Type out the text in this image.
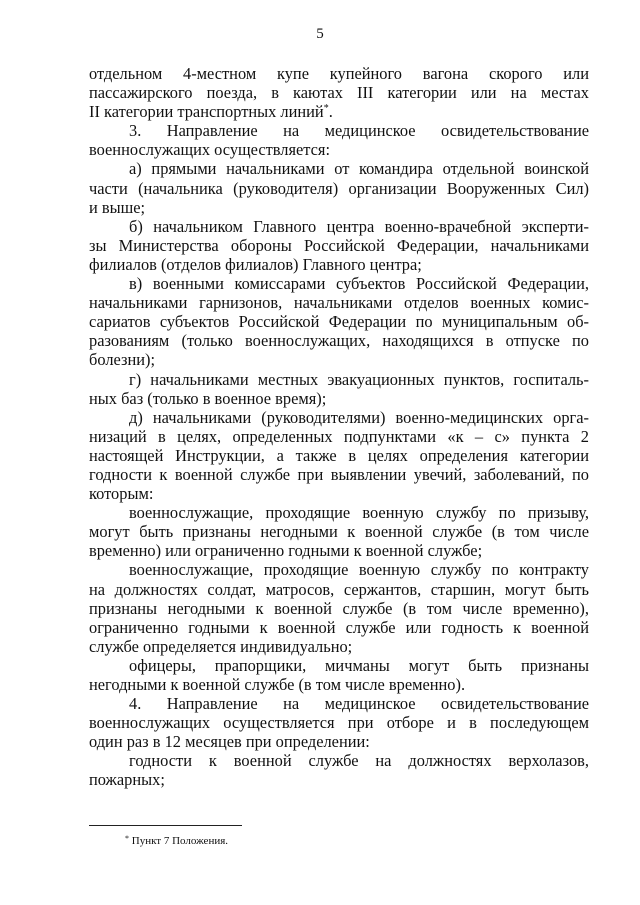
5
отдельном 4-местном купе купейного вагона скорого или
пассажирского поезда, в каютах III категории или на местах
II категории транспортных линий*.
3. Направление на медицинское освидетельствование
военнослужащих осуществляется:
а) прямыми начальниками от командира отдельной воинской
части (начальника (руководителя) организации Вооруженных Сил)
и выше;
б) начальником Главного центра военно-врачебной эксперти-
зы Министерства обороны Российской Федерации, начальниками
филиалов (отделов филиалов) Главного центра;
в) военными комиссарами субъектов Российской Федерации,
начальниками гарнизонов, начальниками отделов военных комис-
сариатов субъектов Российской Федерации по муниципальным об-
разованиям (только военнослужащих, находящихся в отпуске по
болезни);
г) начальниками местных эвакуационных пунктов, госпиталь-
ных баз (только в военное время);
д) начальниками (руководителями) военно-медицинских орга-
низаций в целях, определенных подпунктами «к – с» пункта 2
настоящей Инструкции, а также в целях определения категории
годности к военной службе при выявлении увечий, заболеваний, по
которым:
военнослужащие, проходящие военную службу по призыву,
могут быть признаны негодными к военной службе (в том числе
временно) или ограниченно годными к военной службе;
военнослужащие, проходящие военную службу по контракту
на должностях солдат, матросов, сержантов, старшин, могут быть
признаны негодными к военной службе (в том числе временно),
ограниченно годными к военной службе или годность к военной
службе определяется индивидуально;
офицеры, прапорщики, мичманы могут быть признаны
негодными к военной службе (в том числе временно).
4. Направление на медицинское освидетельствование
военнослужащих осуществляется при отборе и в последующем
один раз в 12 месяцев при определении:
годности к военной службе на должностях верхолазов,
пожарных;
* Пункт 7 Положения.
